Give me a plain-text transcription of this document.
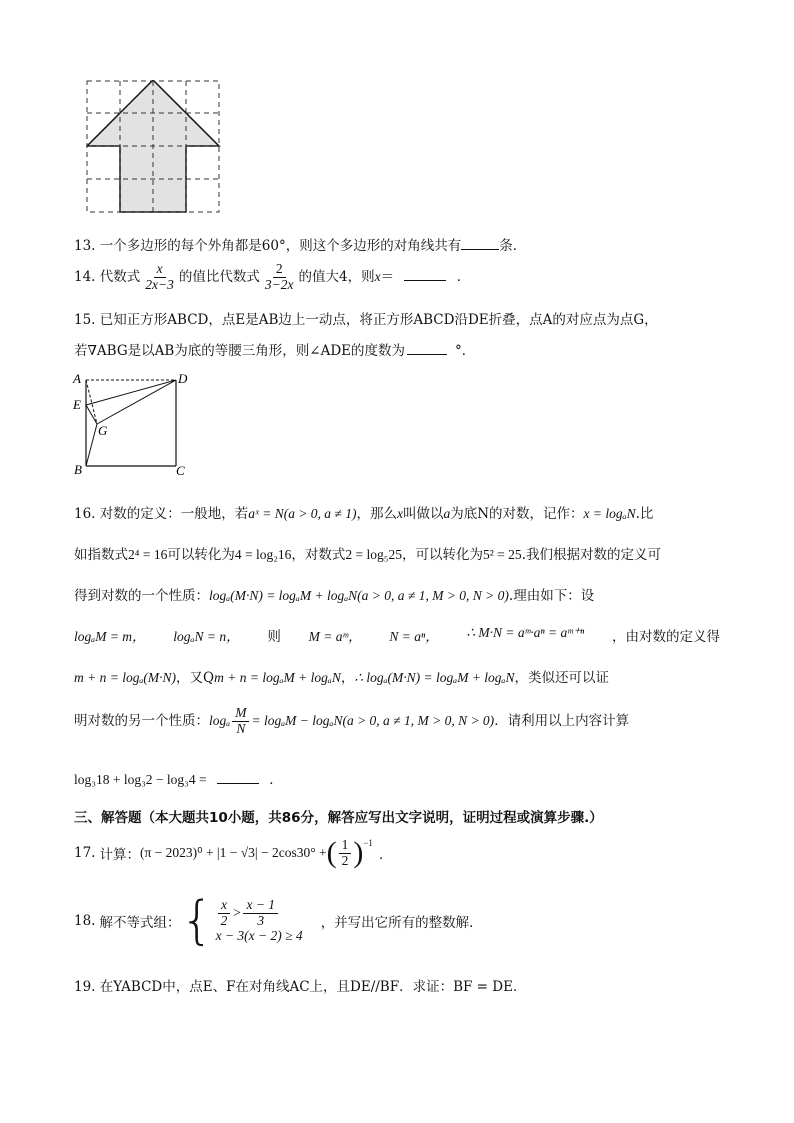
13. 一个多边形的每个外角都是60°，则这个多边形的对角线共有	条．
14. 代数式 $\frac{x}{2x-3}$ 的值比代数式 $\frac{2}{3-2x}$ 的值大4，则x＝	．
15. 已知正方形ABCD，点E是AB边上一动点，将正方形ABCD沿DE折叠，点A的对应点为点G，
若∇ABG是以AB为底的等腰三角形，则∠ADE的度数为	°．
A	D
E
G
B	C
16. 对数的定义：一般地，若aˣ = N(a > 0, a ≠ 1)，那么x叫做以a为底N的对数，记作：x = logₐN.比
如指数式2⁴ = 16可以转化为4 = log₂16，对数式2 = log₅25，可以转化为5² = 25.我们根据对数的定义可
得到对数的一个性质：logₐ(M·N) = logₐM + logₐN(a > 0, a ≠ 1, M > 0, N > 0).理由如下：设
logₐM = m， logₐN = n， 则 M = aᵐ， N = aⁿ， ∴ M·N = aᵐ·aⁿ = aᵐ⁺ⁿ ，由对数的定义得
m + n = logₐ(M·N)，又Qm + n = logₐM + logₐN，∴ logₐ(M·N) = logₐM + logₐN，类似还可以证
明对数的另一个性质：logₐ $\frac{M}{N} = \log_aM - \log_aN(a > 0$, a ≠ 1, M > 0, N > 0)．请利用以上内容计算
log₃18 + log₃2 − log₃4 =	．
三、解答题（本大题共10小题，共86分，解答应写出文字说明，证明过程或演算步骤.）
17. 计算： (π − 2023)⁰ + |1 − √3| − 2cos30° + ( $\frac{1}{2} )^{-1}$
．
18. 解不等式组： { $\frac{x}{2} > \frac{x - 1}{3}$
x − 3(x − 2) ≥ 4
，并写出它所有的整数解．
19. 在YABCD中，点E、F在对角线AC上，且DE//BF．求证：BF = DE．
